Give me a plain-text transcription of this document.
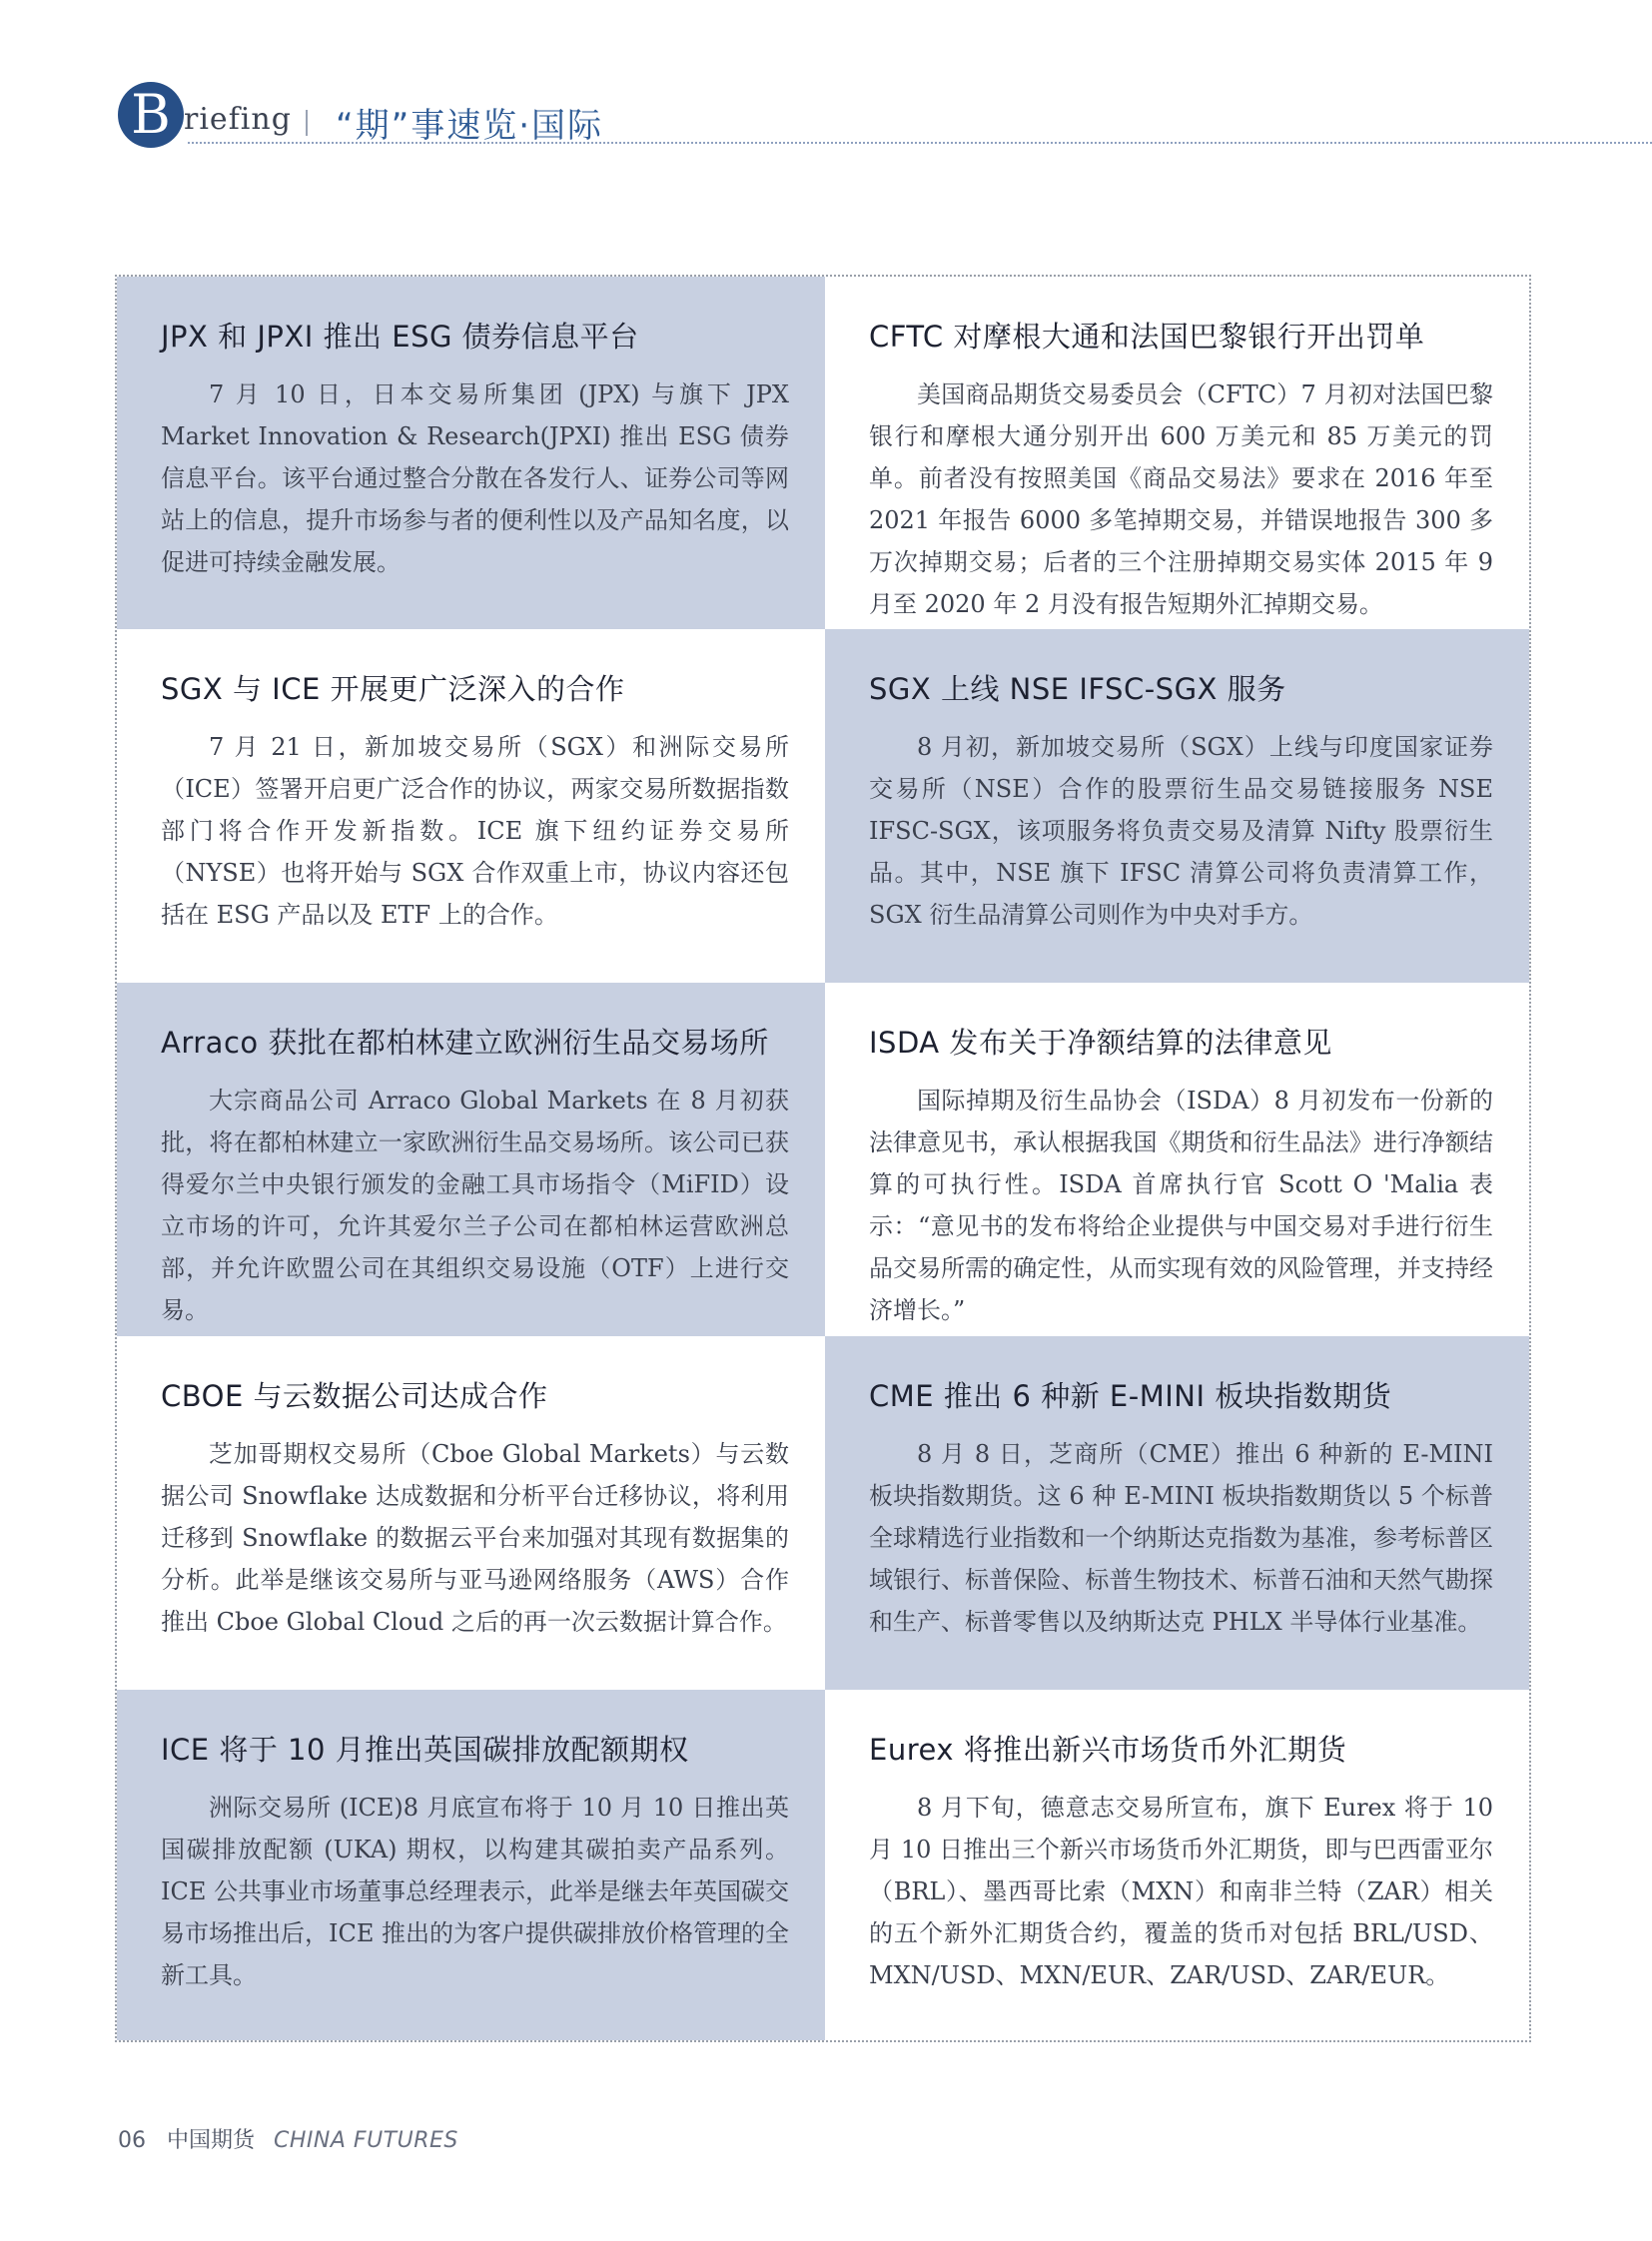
B riefing “期”事速览·国际
JPX 和 JPXI 推出 ESG 债券信息平台

7 月 10 日，日本交易所集团 (JPX) 与旗下 JPX Market Innovation & Research(JPXI) 推出 ESG 债券信息平台。该平台通过整合分散在各发行人、证券公司等网站上的信息，提升市场参与者的便利性以及产品知名度，以促进可持续金融发展。

CFTC 对摩根大通和法国巴黎银行开出罚单

美国商品期货交易委员会（CFTC）7 月初对法国巴黎银行和摩根大通分别开出 600 万美元和 85 万美元的罚单。前者没有按照美国《商品交易法》要求在 2016 年至 2021 年报告 6000 多笔掉期交易，并错误地报告 300 多万次掉期交易；后者的三个注册掉期交易实体 2015 年 9 月至 2020 年 2 月没有报告短期外汇掉期交易。

SGX 与 ICE 开展更广泛深入的合作

7 月 21 日，新加坡交易所（SGX）和洲际交易所（ICE）签署开启更广泛合作的协议，两家交易所数据指数部门将合作开发新指数。ICE 旗下纽约证券交易所（NYSE）也将开始与 SGX 合作双重上市，协议内容还包括在 ESG 产品以及 ETF 上的合作。

SGX 上线 NSE IFSC-SGX 服务

8 月初，新加坡交易所（SGX）上线与印度国家证券交易所（NSE）合作的股票衍生品交易链接服务 NSE IFSC-SGX，该项服务将负责交易及清算 Nifty 股票衍生品。其中，NSE 旗下 IFSC 清算公司将负责清算工作，SGX 衍生品清算公司则作为中央对手方。

Arraco 获批在都柏林建立欧洲衍生品交易场所

大宗商品公司 Arraco Global Markets 在 8 月初获批，将在都柏林建立一家欧洲衍生品交易场所。该公司已获得爱尔兰中央银行颁发的金融工具市场指令（MiFID）设立市场的许可，允许其爱尔兰子公司在都柏林运营欧洲总部，并允许欧盟公司在其组织交易设施（OTF）上进行交易。

ISDA 发布关于净额结算的法律意见

国际掉期及衍生品协会（ISDA）8 月初发布一份新的法律意见书，承认根据我国《期货和衍生品法》进行净额结算的可执行性。ISDA 首席执行官 Scott O 'Malia 表示：“意见书的发布将给企业提供与中国交易对手进行衍生品交易所需的确定性，从而实现有效的风险管理，并支持经济增长。”

CBOE 与云数据公司达成合作

芝加哥期权交易所（Cboe Global Markets）与云数据公司 Snowflake 达成数据和分析平台迁移协议，将利用迁移到 Snowflake 的数据云平台来加强对其现有数据集的分析。此举是继该交易所与亚马逊网络服务（AWS）合作推出 Cboe Global Cloud 之后的再一次云数据计算合作。

CME 推出 6 种新 E-MINI 板块指数期货

8 月 8 日，芝商所（CME）推出 6 种新的 E-MINI 板块指数期货。这 6 种 E-MINI 板块指数期货以 5 个标普全球精选行业指数和一个纳斯达克指数为基准，参考标普区域银行、标普保险、标普生物技术、标普石油和天然气勘探和生产、标普零售以及纳斯达克 PHLX 半导体行业基准。

ICE 将于 10 月推出英国碳排放配额期权

洲际交易所 (ICE)8 月底宣布将于 10 月 10 日推出英国碳排放配额 (UKA) 期权，以构建其碳拍卖产品系列。ICE 公共事业市场董事总经理表示，此举是继去年英国碳交易市场推出后，ICE 推出的为客户提供碳排放价格管理的全新工具。

Eurex 将推出新兴市场货币外汇期货

8 月下旬，德意志交易所宣布，旗下 Eurex 将于 10 月 10 日推出三个新兴市场货币外汇期货，即与巴西雷亚尔（BRL）、墨西哥比索（MXN）和南非兰特（ZAR）相关的五个新外汇期货合约，覆盖的货币对包括 BRL/USD、MXN/USD、MXN/EUR、ZAR/USD、ZAR/EUR。

06 中国期货 CHINA FUTURES
